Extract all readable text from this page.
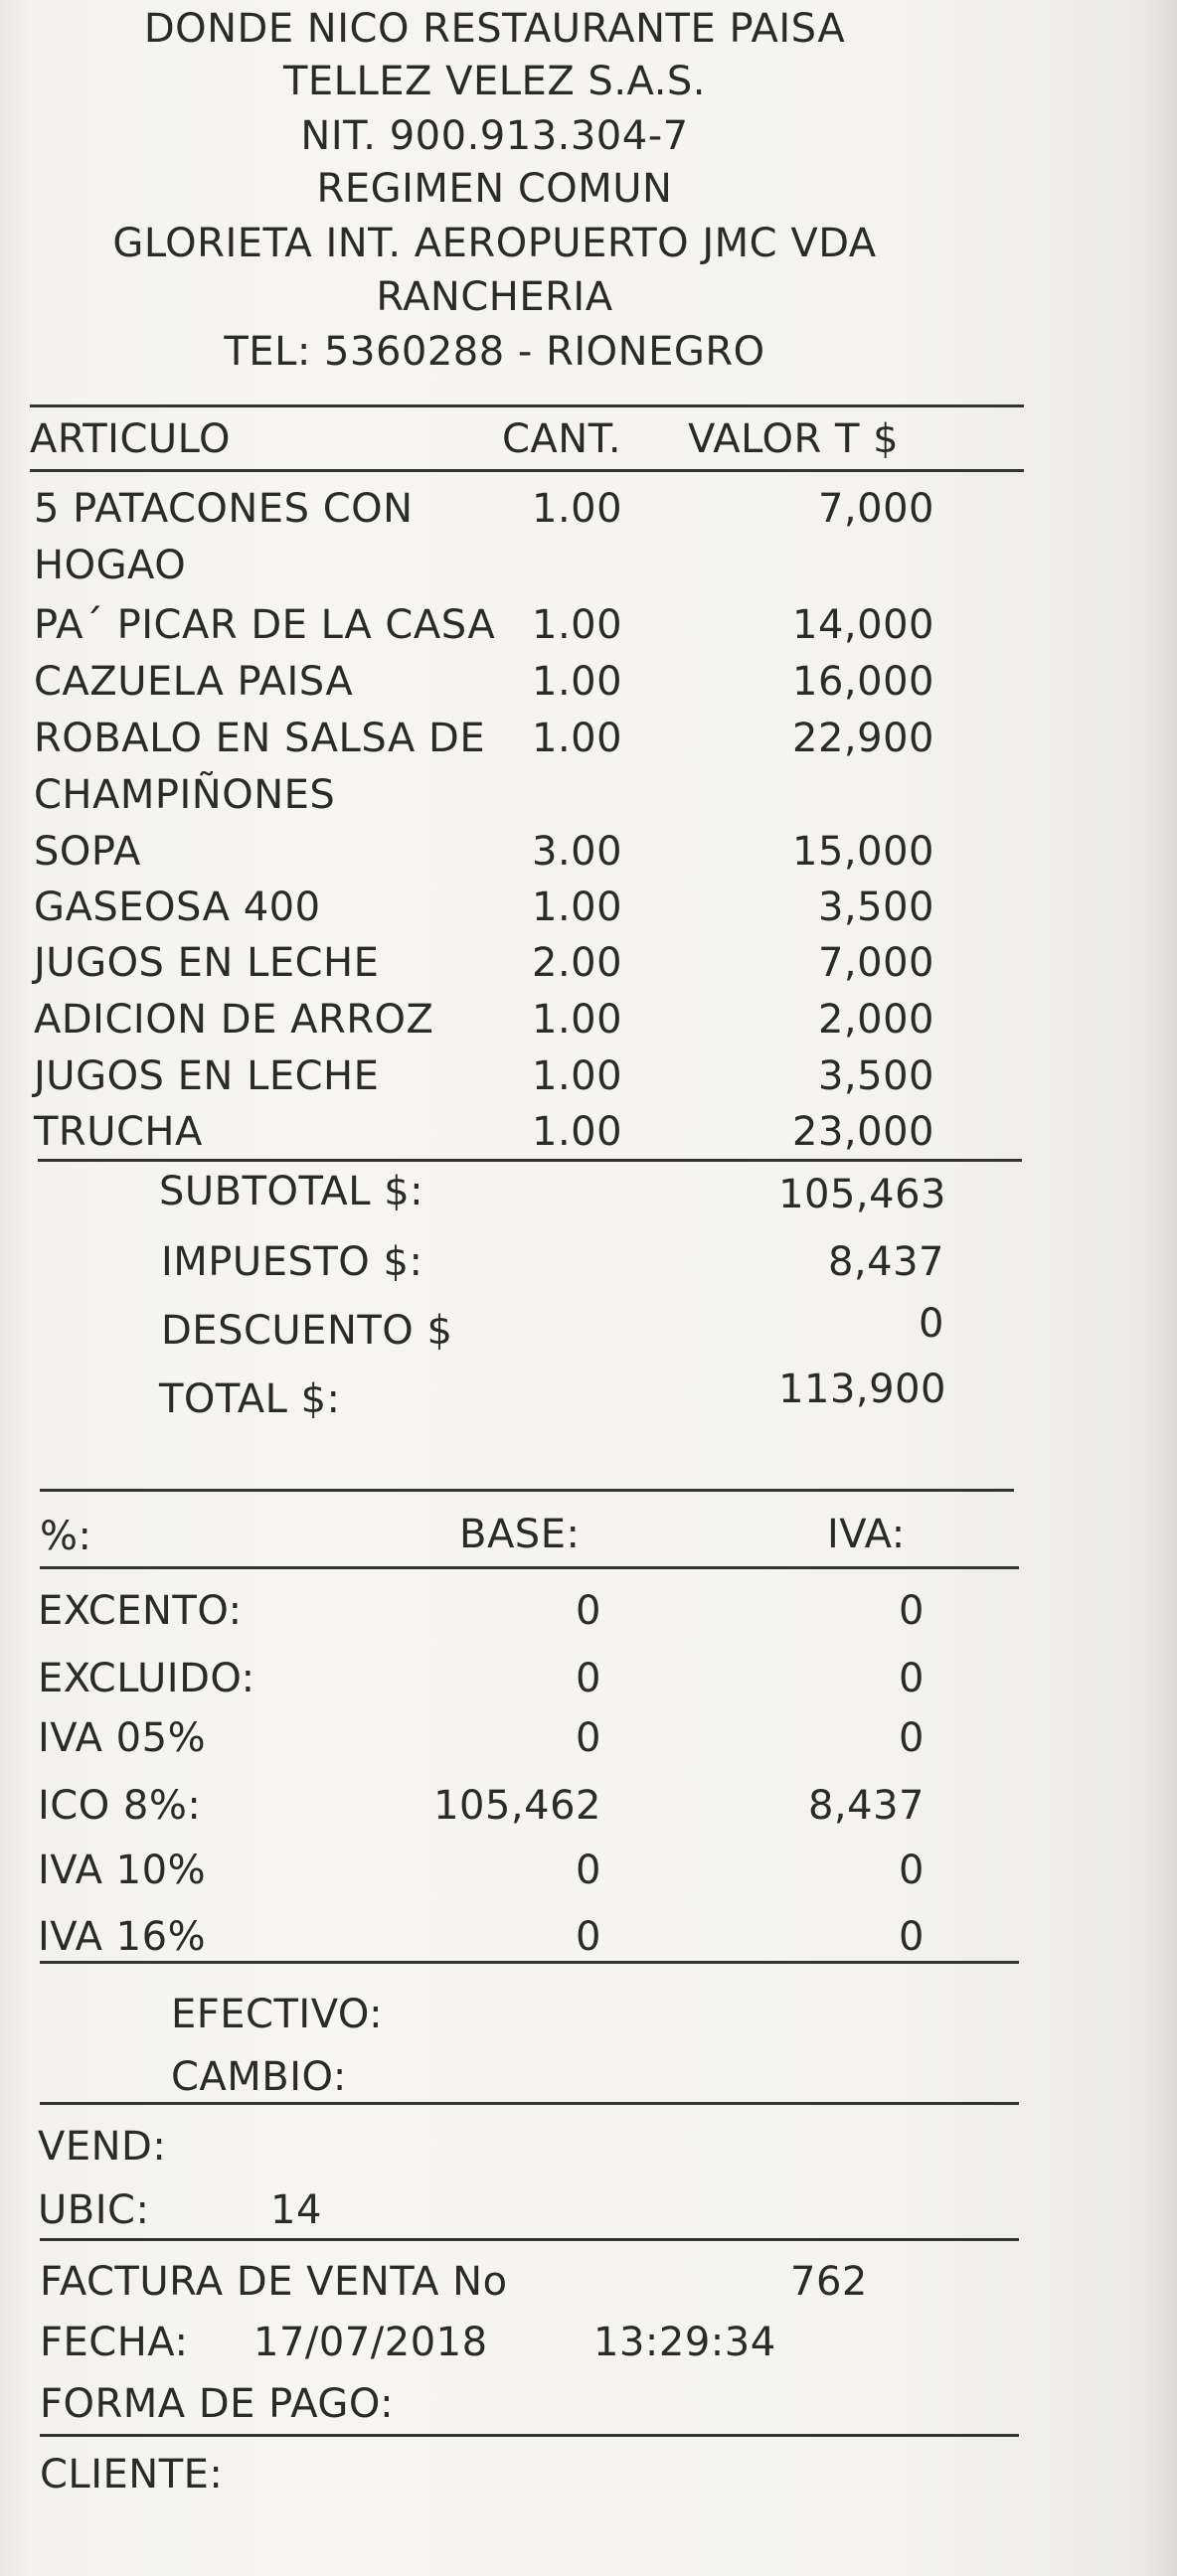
DONDE NICO RESTAURANTE PAISA
TELLEZ VELEZ S.A.S.
NIT. 900.913.304-7
REGIMEN COMUN
GLORIETA INT. AEROPUERTO JMC VDA
RANCHERIA
TEL: 5360288 - RIONEGRO
ARTICULO	CANT. VALOR T $
5 PATACONES CON	1.00	7,000
HOGAO
PA´ PICAR DE LA CASA 1.00	14,000
CAZUELA PAISA	1.00	16,000
ROBALO EN SALSA DE 1.00	22,900
CHAMPIÑONES
SOPA	3.00	15,000
GASEOSA 400	1.00	3,500
JUGOS EN LECHE	2.00	7,000
ADICION DE ARROZ 1.00	2,000
JUGOS EN LECHE	1.00	3,500
TRUCHA	1.00	23,000
SUBTOTAL $:	105,463
IMPUESTO $:	8,437
DESCUENTO $	0
TOTAL $:	113,900
%:	BASE:	IVA:
EXCENTO:	0	0
EXCLUIDO:	0	0
IVA 05%	0	0
ICO 8%:	105,462	8,437
IVA 10%	0	0
IVA 16%	0	0
EFECTIVO:
CAMBIO:
VEND:
UBIC:	14
FACTURA DE VENTA No	762
FECHA: 17/07/2018	13:29:34
FORMA DE PAGO:
CLIENTE:
